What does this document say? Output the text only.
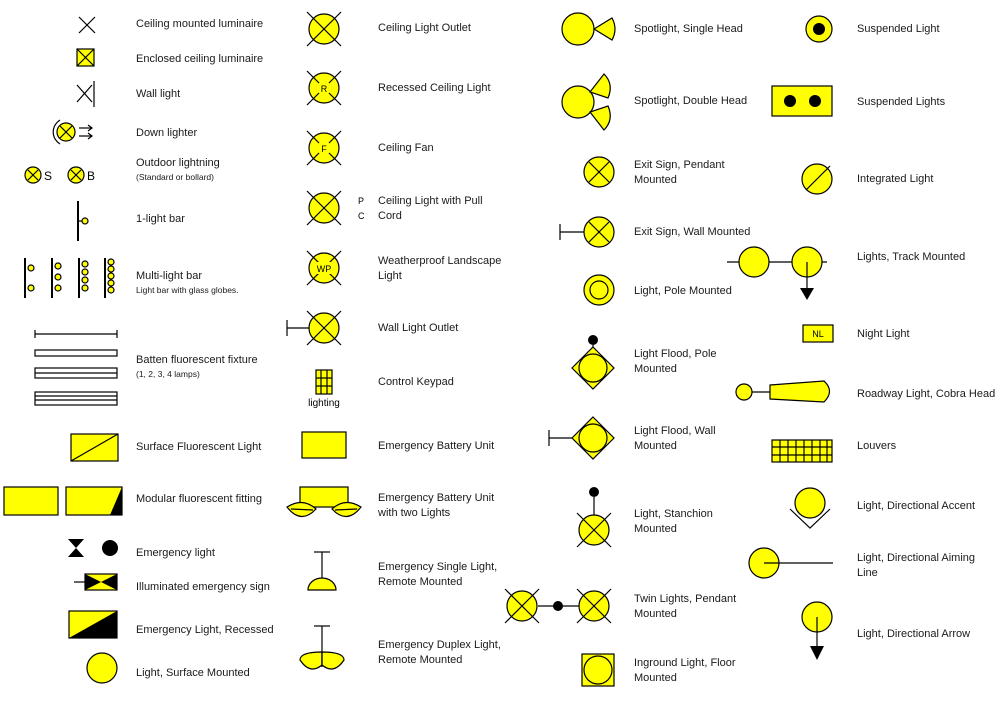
S	B
R
F
P
C
WP
lighting
NL
Ceiling mounted luminaire
Enclosed ceiling luminaire
Wall light
Down lighter
Outdoor lightning
(Standard or bollard)
1-light bar
Multi-light bar
Light bar with glass globes.
Batten fluorescent fixture
(1, 2, 3, 4 lamps)
Surface Fluorescent Light
Modular fluorescent fitting
Emergency light
Illuminated emergency sign
Emergency Light, Recessed
Light, Surface Mounted
Ceiling Light Outlet
Recessed Ceiling Light
Ceiling Fan
Ceiling Light with Pull Cord
Weatherproof Landscape Light
Wall Light Outlet
Control Keypad
Emergency Battery Unit
Emergency Battery Unit with two Lights
Emergency Single Light, Remote Mounted
Emergency Duplex Light, Remote Mounted
Spotlight, Single Head
Spotlight, Double Head
Exit Sign, Pendant Mounted
Exit Sign, Wall Mounted
Light, Pole Mounted
Light Flood, Pole Mounted
Light Flood, Wall Mounted
Light, Stanchion Mounted
Twin Lights, Pendant Mounted
Inground Light, Floor Mounted
Suspended Light
Suspended Lights
Integrated Light
Lights, Track Mounted
Night Light
Roadway Light, Cobra Head
Louvers
Light, Directional Accent
Light, Directional Aiming Line
Light, Directional Arrow
